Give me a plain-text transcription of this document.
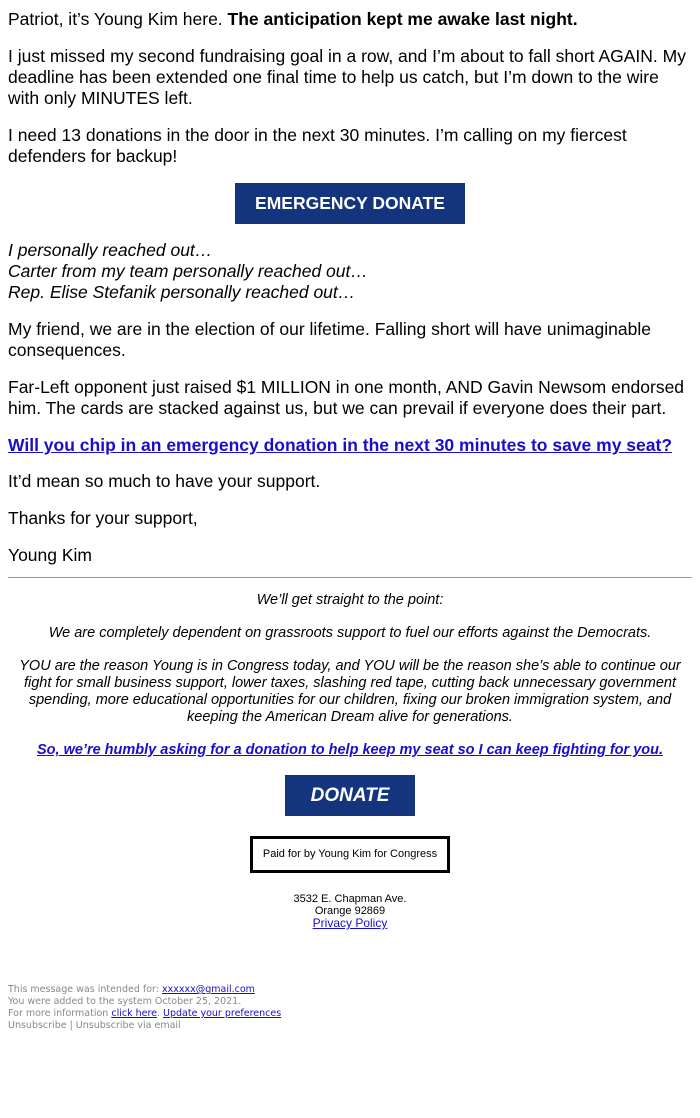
Patriot, it’s Young Kim here. The anticipation kept me awake last night.

I just missed my second fundraising goal in a row, and I’m about to fall short AGAIN. My deadline has been extended one final time to help us catch, but I’m down to the wire with only MINUTES left.

I need 13 donations in the door in the next 30 minutes. I’m calling on my fiercest defenders for backup!

EMERGENCY DONATE

I personally reached out…

Carter from my team personally reached out…

Rep. Elise Stefanik personally reached out…

My friend, we are in the election of our lifetime. Falling short will have unimaginable consequences.

Far-Left opponent just raised $1 MILLION in one month, AND Gavin Newsom endorsed him. The cards are stacked against us, but we can prevail if everyone does their part.

Will you chip in an emergency donation in the next 30 minutes to save my seat?

It’d mean so much to have your support.

Thanks for your support,

Young Kim

We’ll get straight to the point:

We are completely dependent on grassroots support to fuel our efforts against the Democrats.

YOU are the reason Young is in Congress today, and YOU will be the reason she’s able to continue our fight for small business support, lower taxes, slashing red tape, cutting back unnecessary government spending, more educational opportunities for our children, fixing our broken immigration system, and keeping the American Dream alive for generations.

So, we’re humbly asking for a donation to help keep my seat so I can keep fighting for you.

DONATE
Paid for by Young Kim for Congress
3532 E. Chapman Ave.
Orange 92869
Privacy Policy
This message was intended for: xxxxxx@gmail.com
You were added to the system October 25, 2021.
For more information click here. Update your preferences
Unsubscribe | Unsubscribe via email
